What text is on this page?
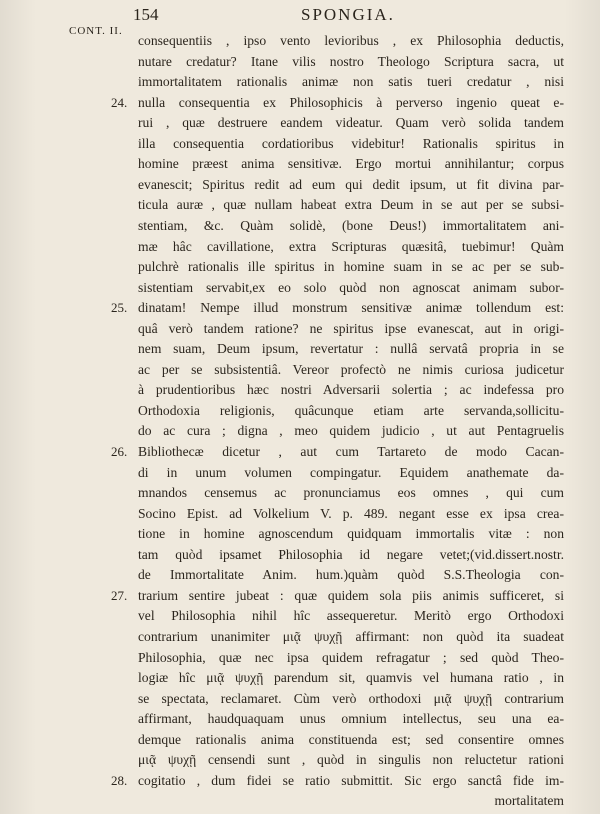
154	SPONGIA.
CONT. II.
consequentiis , ipso vento levioribus , ex Philosophia deductis,
nutare credatur? Itane vilis nostro Theologo Scriptura sacra, ut
immortalitatem rationalis animæ non satis tueri credatur , nisi
nulla consequentia ex Philosophicis à perverso ingenio queat e-
24.
rui , quæ destruere eandem videatur. Quam verò solida tandem
illa consequentia cordatioribus videbitur! Rationalis spiritus in
homine præest anima sensitivæ. Ergo mortui annihilantur; corpus
evanescit; Spiritus redit ad eum qui dedit ipsum, ut fit divina par-
ticula auræ , quæ nullam habeat extra Deum in se aut per se subsi-
stentiam, &c. Quàm solidè, (bone Deus!) immortalitatem ani-
mæ hâc cavillatione, extra Scripturas quæsitâ, tuebimur! Quàm
pulchrè rationalis ille spiritus in homine suam in se ac per se sub-
sistentiam servabit,ex eo solo quòd non agnoscat animam subor-
dinatam! Nempe illud monstrum sensitivæ animæ tollendum est:
25.
quâ verò tandem ratione? ne spiritus ipse evanescat, aut in origi-
nem suam, Deum ipsum, revertatur : nullâ servatâ propria in se
ac per se subsistentiâ. Vereor profectò ne nimis curiosa judicetur
à prudentioribus hæc nostri Adversarii solertia ; ac indefessa pro
Orthodoxia religionis, quâcunque etiam arte servanda,sollicitu-
do ac cura ; digna , meo quidem judicio , ut aut Pentagruelis
Bibliothecæ dicetur , aut cum Tartareto de modo Cacan-
26.
di in unum volumen compingatur. Equidem anathemate da-
mnandos censemus ac pronunciamus eos omnes , qui cum
Socino Epist. ad Volkelium V. p. 489. negant esse ex ipsa crea-
tione in homine agnoscendum quidquam immortalis vitæ : non
tam quòd ipsamet Philosophia id negare vetet;(vid.dissert.nostr.
de Immortalitate Anim. hum.)quàm quòd S.S.Theologia con-
trarium sentire jubeat : quæ quidem sola piis animis sufficeret, si
27.
vel Philosophia nihil hîc assequeretur. Meritò ergo Orthodoxi
contrarium unanimiter μιᾷ ψυχῇ affirmant: non quòd ita suadeat
Philosophia, quæ nec ipsa quidem refragatur ; sed quòd Theo-
logiæ hîc μιᾷ ψυχῇ parendum sit, quamvis vel humana ratio , in
se spectata, reclamaret. Cùm verò orthodoxi μιᾷ ψυχῇ contrarium
affirmant, haudquaquam unus omnium intellectus, seu una ea-
demque rationalis anima constituenda est; sed consentire omnes
μιᾷ ψυχῇ censendi sunt , quòd in singulis non reluctetur rationi
cogitatio , dum fidei se ratio submittit. Sic ergo sanctâ fide im-
28.
mortalitatem
